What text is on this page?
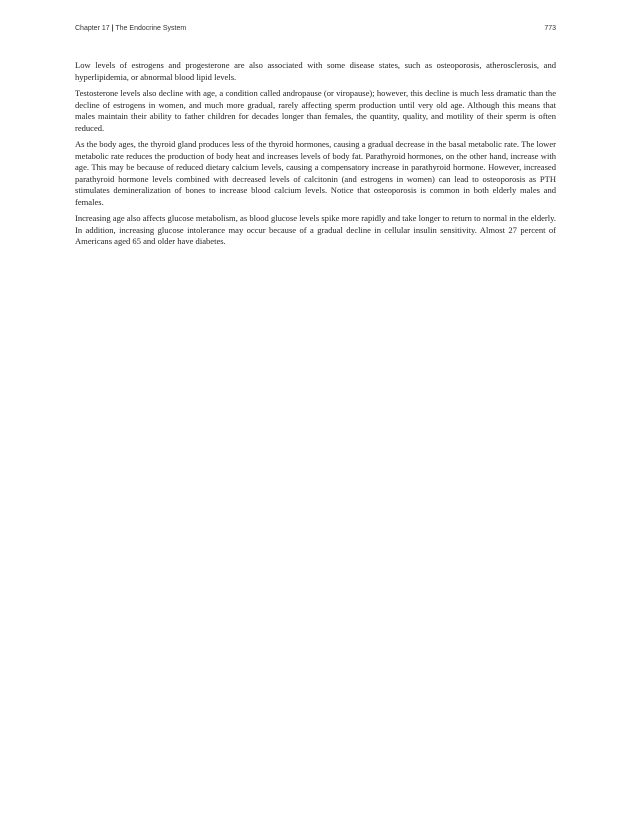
Chapter 17 | The Endocrine System	773

Low levels of estrogens and progesterone are also associated with some disease states, such as osteoporosis, atherosclerosis, and hyperlipidemia, or abnormal blood lipid levels.

Testosterone levels also decline with age, a condition called andropause (or viropause); however, this decline is much less dramatic than the decline of estrogens in women, and much more gradual, rarely affecting sperm production until very old age. Although this means that males maintain their ability to father children for decades longer than females, the quantity, quality, and motility of their sperm is often reduced.

As the body ages, the thyroid gland produces less of the thyroid hormones, causing a gradual decrease in the basal metabolic rate. The lower metabolic rate reduces the production of body heat and increases levels of body fat. Parathyroid hormones, on the other hand, increase with age. This may be because of reduced dietary calcium levels, causing a compensatory increase in parathyroid hormone. However, increased parathyroid hormone levels combined with decreased levels of calcitonin (and estrogens in women) can lead to osteoporosis as PTH stimulates demineralization of bones to increase blood calcium levels. Notice that osteoporosis is common in both elderly males and females.

Increasing age also affects glucose metabolism, as blood glucose levels spike more rapidly and take longer to return to normal in the elderly. In addition, increasing glucose intolerance may occur because of a gradual decline in cellular insulin sensitivity. Almost 27 percent of Americans aged 65 and older have diabetes.
